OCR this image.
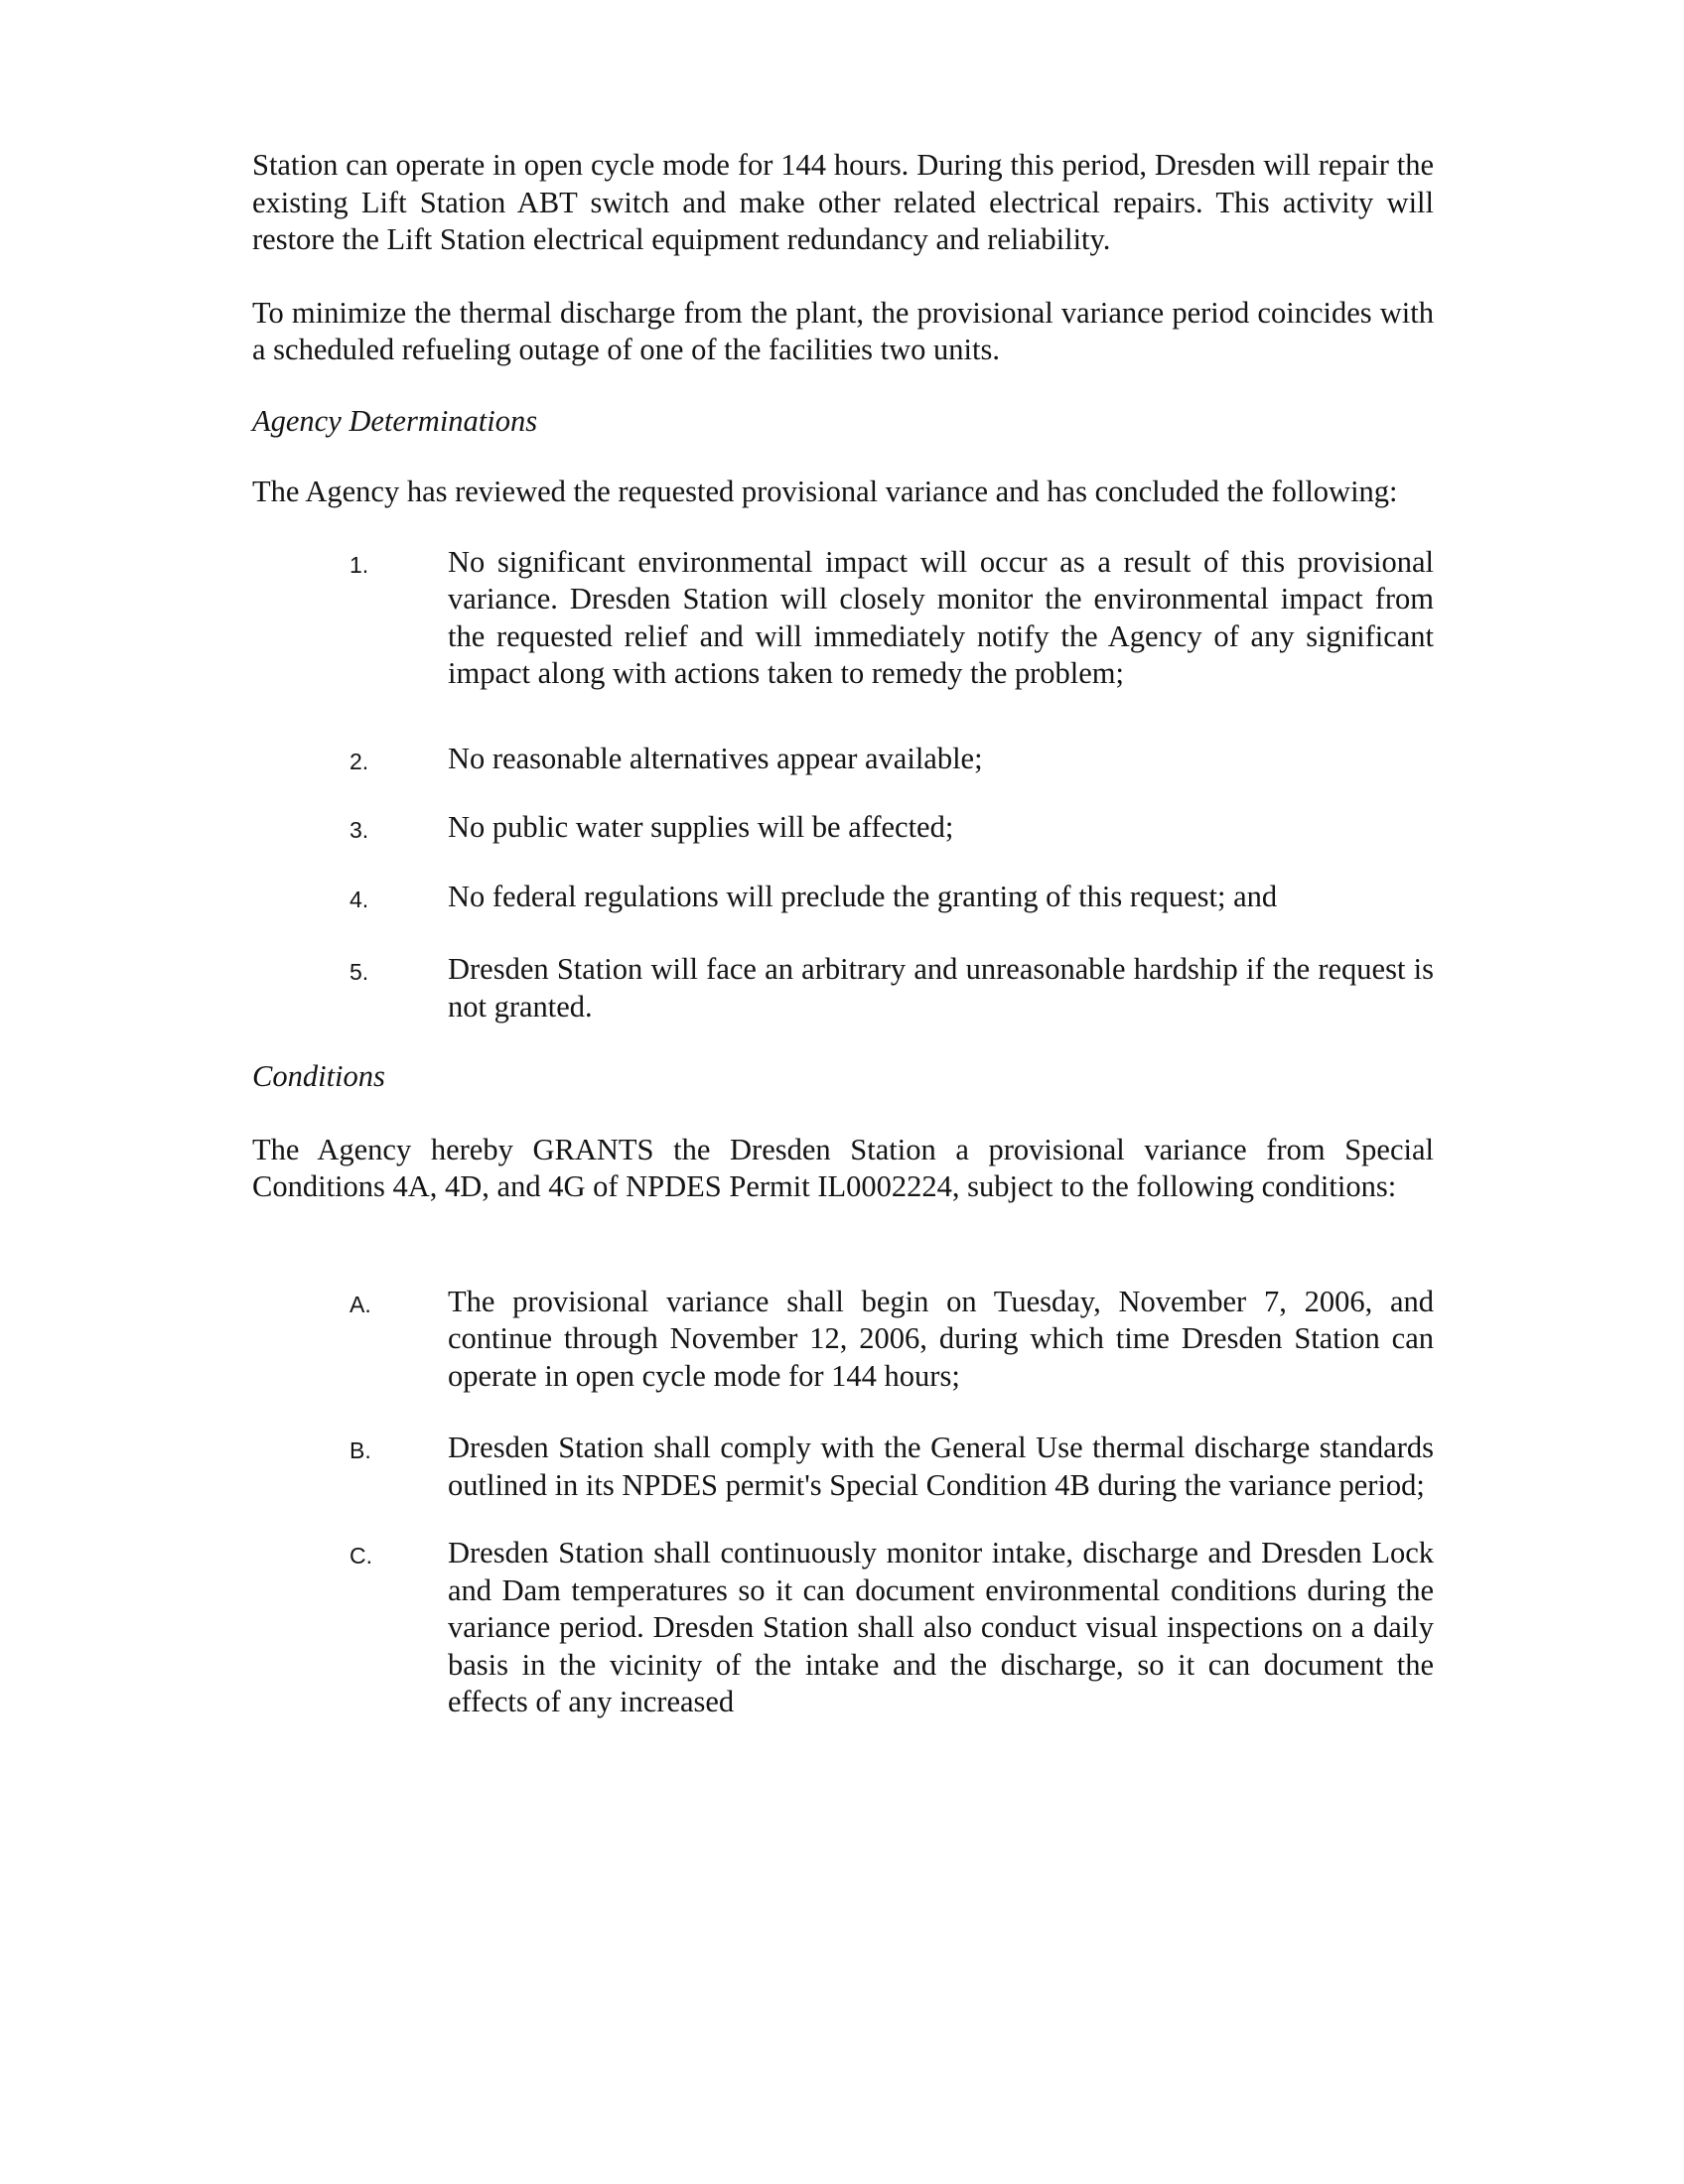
Station can operate in open cycle mode for 144 hours. During this period, Dresden will repair the existing Lift Station ABT switch and make other related electrical repairs. This activity will restore the Lift Station electrical equipment redundancy and reliability.

To minimize the thermal discharge from the plant, the provisional variance period coincides with a scheduled refueling outage of one of the facilities two units.

Agency Determinations

The Agency has reviewed the requested provisional variance and has concluded the following:

1.	No significant environmental impact will occur as a result of this provisional variance. Dresden Station will closely monitor the environmental impact from the requested relief and will immediately notify the Agency of any significant impact along with actions taken to remedy the problem;
2.	No reasonable alternatives appear available;
3.	No public water supplies will be affected;
4.	No federal regulations will preclude the granting of this request; and
5.	Dresden Station will face an arbitrary and unreasonable hardship if the request is not granted.

Conditions

The Agency hereby GRANTS the Dresden Station a provisional variance from Special Conditions 4A, 4D, and 4G of NPDES Permit IL0002224, subject to the following conditions:

A.	The provisional variance shall begin on Tuesday, November 7, 2006, and continue through November 12, 2006, during which time Dresden Station can operate in open cycle mode for 144 hours;
B.	Dresden Station shall comply with the General Use thermal discharge standards outlined in its NPDES permit's Special Condition 4B during the variance period;
C. Dresden Station shall continuously monitor intake, discharge and Dresden Lock and Dam temperatures so it can document environmental conditions during the variance period. Dresden Station shall also conduct visual inspections on a daily basis in the vicinity of the intake and the discharge, so it can document the effects of any increased
